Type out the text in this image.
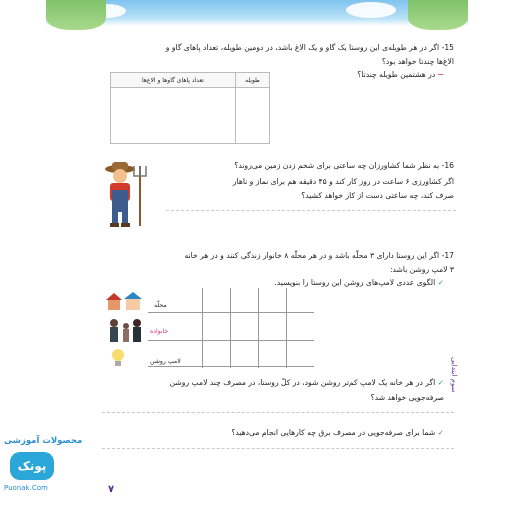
15- اگر در هر طویله‌ی این روستا یک گاو و یک الاغ باشد، در دومین طویله، تعداد پاهای گاو و
الاغ‌ها چندتا خواهد بود؟
− در هشتمین طویله چندتا؟
طویله	تعداد پاهای گاوها و الاغ‌ها

16- به نظر شما کشاورزان چه ساعتی برای شخم زدن زمین می‌روند؟
اگر کشاورزی ۶ ساعت در روز کار کند و ۴۵ دقیقه هم برای نماز و ناهار
صرف کند، چه ساعتی دست از کار خواهد کشید؟
17- اگر این روستا دارای ۳ محلّه باشد و در هر محلّه ۸ خانوار زندگی کنند و در هر خانه
۳ لامپ روشن باشد:
✓ الگوی عددی لامپ‌های روشن این روستا را بنویسید.
محلّه
خانواده
لامپ روشن
✓ اگر در هر خانه یک لامپ کم‌تر روشن شود، در کلّ روستا، در مصرف چند لامپ روشن
صرفه‌جویی خواهد شد؟
✓ شما برای صرفه‌جویی در مصرف برق چه کارهایی انجام می‌دهید؟
سوم ابتدایی
۷
محصولات آموزشی
پونک
Puonak.Com
